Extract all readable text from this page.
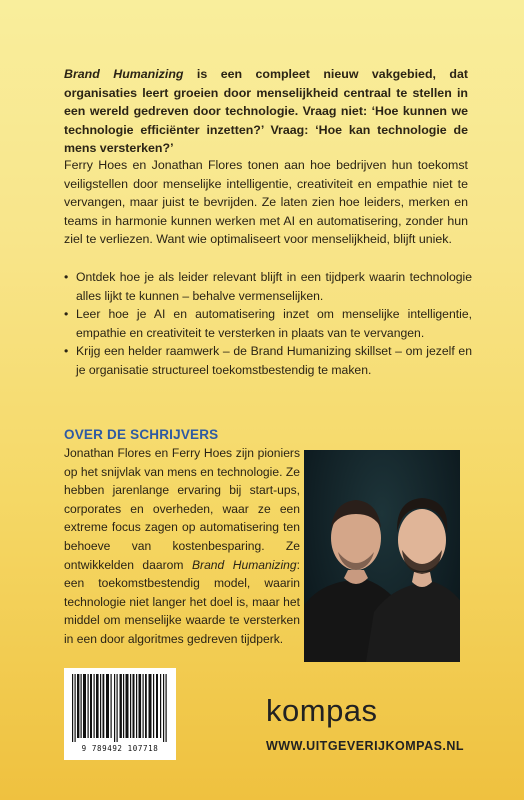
Brand Humanizing is een compleet nieuw vakgebied, dat organisaties leert groeien door menselijkheid centraal te stellen in een wereld gedreven door technologie. Vraag niet: ‘Hoe kunnen we technologie efficiënter inzetten?’ Vraag: ‘Hoe kan technologie de mens versterken?’

Ferry Hoes en Jonathan Flores tonen aan hoe bedrijven hun toekomst veiligstellen door menselijke intelligentie, creativiteit en empathie niet te vervangen, maar juist te bevrijden. Ze laten zien hoe leiders, merken en teams in harmonie kunnen werken met AI en automatisering, zonder hun ziel te verliezen. Want wie optimaliseert voor menselijkheid, blijft uniek.

• Ontdek hoe je als leider relevant blijft in een tijdperk waarin technologie alles lijkt te kunnen – behalve vermenselijken.
• Leer hoe je AI en automatisering inzet om menselijke intelligentie, empathie en creativiteit te versterken in plaats van te vervangen.
• Krijg een helder raamwerk – de Brand Humanizing skillset – om jezelf en je organisatie structureel toekomstbestendig te maken.
OVER DE SCHRIJVERS

Jonathan Flores en Ferry Hoes zijn pioniers op het snijvlak van mens en technologie. Ze hebben jarenlange ervaring bij start-ups, corporates en overheden, waar ze een extreme focus zagen op automatisering ten behoeve van kostenbesparing. Ze ontwikkelden daarom Brand Humanizing: een toekomstbestendig model, waarin technologie niet langer het doel is, maar het middel om menselijke waarde te versterken in een door algoritmes gedreven tijdperk.

9 789492 107718
kompas
WWW.UITGEVERIJKOMPAS.NL
